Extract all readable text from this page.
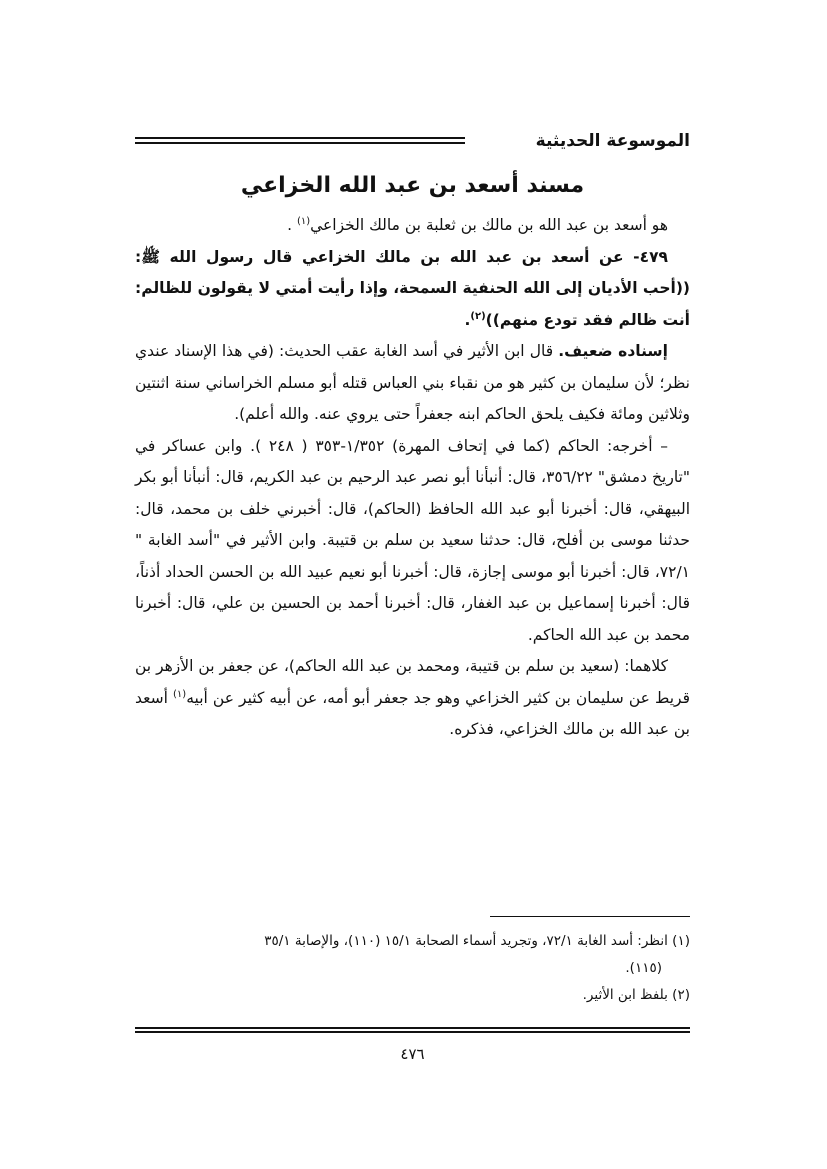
الموسوعة الحديثية
مسند أسعد بن عبد الله الخزاعي

هو أسعد بن عبد الله بن مالك بن ثعلبة بن مالك الخزاعي$^{(١)}$ .

٤٧٩- عن أسعد بن عبد الله بن مالك الخزاعي قال رسول الله ﷺ: ((أحب الأديان إلى الله الحنفية السمحة، وإذا رأيت أمتي لا يقولون للظالم: أنت ظالم فقد تودع منهم))$^{(٢)}$.

إسناده ضعيف. قال ابن الأثير في أسد الغابة عقب الحديث: (في هذا الإسناد عندي نظر؛ لأن سليمان بن كثير هو من نقباء بني العباس قتله أبو مسلم الخراساني سنة اثنتين وثلاثين ومائة فكيف يلحق الحاكم ابنه جعفراً حتى يروي عنه. والله أعلم).

– أخرجه: الحاكم (كما في إتحاف المهرة) ١/٣٥٢-٣٥٣ ( ٢٤٨ ). وابن عساكر في "تاريخ دمشق" ٣٥٦/٢٢، قال: أنبأنا أبو نصر عبد الرحيم بن عبد الكريم، قال: أنبأنا أبو بكر البيهقي، قال: أخبرنا أبو عبد الله الحافظ (الحاكم)، قال: أخبرني خلف بن محمد، قال: حدثنا موسى بن أفلح، قال: حدثنا سعيد بن سلم بن قتيبة. وابن الأثير في "أسد الغابة " ٧٢/١، قال: أخبرنا أبو موسى إجازة، قال: أخبرنا أبو نعيم عبيد الله بن الحسن الحداد أذناً، قال: أخبرنا إسماعيل بن عبد الغفار، قال: أخبرنا أحمد بن الحسين بن علي، قال: أخبرنا محمد بن عبد الله الحاكم.

كلاهما: (سعيد بن سلم بن قتيبة، ومحمد بن عبد الله الحاكم)، عن جعفر بن الأزهر بن قريط عن سليمان بن كثير الخزاعي وهو جد جعفر أبو أمه، عن أبيه كثير عن أبيه$^{(١)}$ أسعد بن عبد الله بن مالك الخزاعي، فذكره.

(١) انظر: أسد الغابة ٧٢/١، وتجريد أسماء الصحابة ١٥/١ (١١٠)، والإصابة ٣٥/١
(١١٥).
(٢) بلفظ ابن الأثير.
٤٧٦
